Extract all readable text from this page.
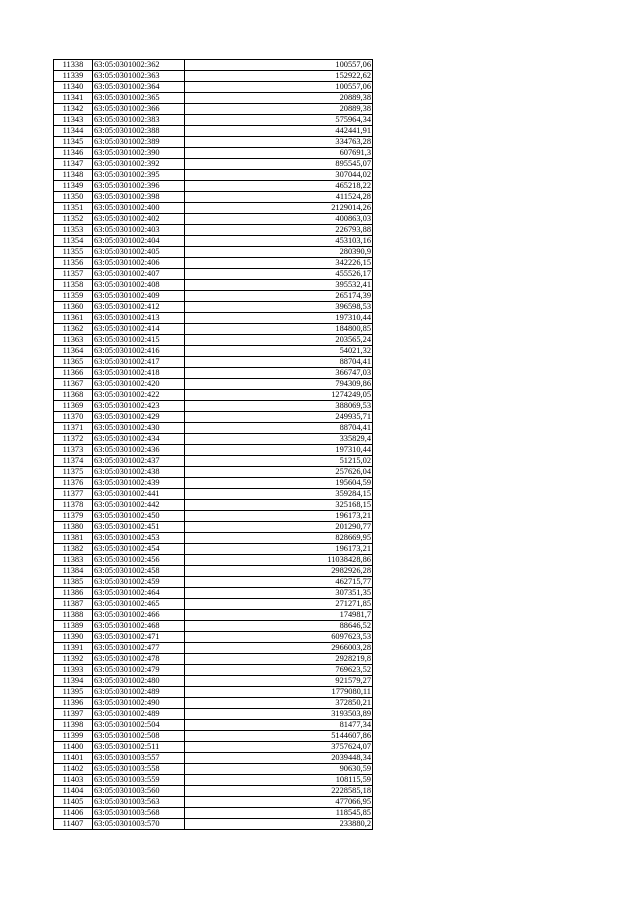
11338	63:05:0301002:362	100557,06
11339	63:05:0301002:363	152922,62
11340	63:05:0301002:364	100557,06
11341	63:05:0301002:365	20889,38
11342	63:05:0301002:366	20889,38
11343	63:05:0301002:383	575964,34
11344	63:05:0301002:388	442441,91
11345	63:05:0301002:389	334763,28
11346	63:05:0301002:390	607691,3
11347	63:05:0301002:392	895545,07
11348	63:05:0301002:395	307044,02
11349	63:05:0301002:396	465218,22
11350	63:05:0301002:398	411524,28
11351	63:05:0301002:400	2129014,26
11352	63:05:0301002:402	400863,03
11353	63:05:0301002:403	226793,88
11354	63:05:0301002:404	453103,16
11355	63:05:0301002:405	280390,9
11356	63:05:0301002:406	342226,15
11357	63:05:0301002:407	455526,17
11358	63:05:0301002:408	395532,41
11359	63:05:0301002:409	265174,39
11360	63:05:0301002:412	396598,53
11361	63:05:0301002:413	197310,44
11362	63:05:0301002:414	184800,85
11363	63:05:0301002:415	203565,24
11364	63:05:0301002:416	54021,32
11365	63:05:0301002:417	88704,41
11366	63:05:0301002:418	366747,03
11367	63:05:0301002:420	794309,86
11368	63:05:0301002:422	1274249,05
11369	63:05:0301002:423	388069,53
11370	63:05:0301002:429	249935,71
11371	63:05:0301002:430	88704,41
11372	63:05:0301002:434	335829,4
11373	63:05:0301002:436	197310,44
11374	63:05:0301002:437	51215,02
11375	63:05:0301002:438	257626,04
11376	63:05:0301002:439	195604,59
11377	63:05:0301002:441	359284,15
11378	63:05:0301002:442	325168,15
11379	63:05:0301002:450	196173,21
11380	63:05:0301002:451	201290,77
11381	63:05:0301002:453	828669,95
11382	63:05:0301002:454	196173,21
11383	63:05:0301002:456	11038428,86
11384	63:05:0301002:458	2982926,28
11385	63:05:0301002:459	462715,77
11386	63:05:0301002:464	307351,35
11387	63:05:0301002:465	271271,85
11388	63:05:0301002:466	174981,7
11389	63:05:0301002:468	88646,52
11390	63:05:0301002:471	6097623,53
11391	63:05:0301002:477	2966003,28
11392	63:05:0301002:478	2928219,8
11393	63:05:0301002:479	769623,52
11394	63:05:0301002:480	921579,27
11395	63:05:0301002:489	1779080,11
11396	63:05:0301002:490	372850,21
11397	63:05:0301002:489	3193503,89
11398	63:05:0301002:504	81477,34
11399	63:05:0301002:508	5144607,86
11400	63:05:0301002:511	3757624,07
11401	63:05:0301003:557	2039448,34
11402	63:05:0301003:558	90630,59
11403	63:05:0301003:559	108115,59
11404	63:05:0301003:560	2228585,18
11405	63:05:0301003:563	477066,95
11406	63:05:0301003:568	118545,85
11407	63:05:0301003:570	233880,2
